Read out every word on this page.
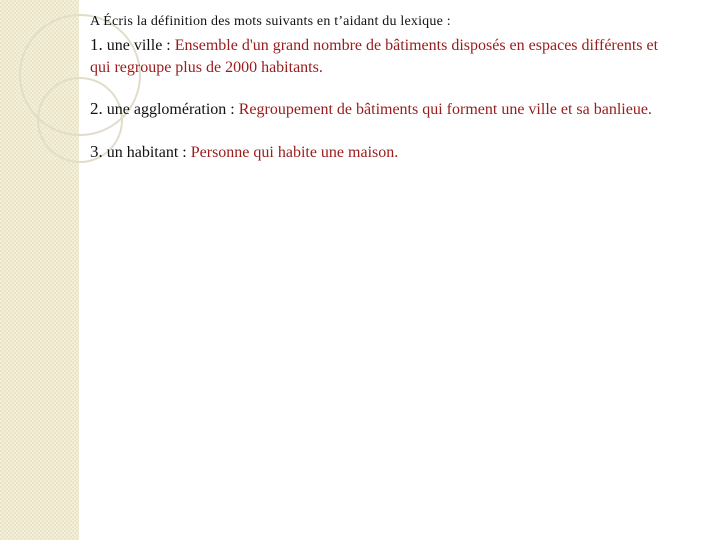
A Écris la définition des mots suivants en t’aidant du lexique :
1. une ville : Ensemble d'un grand nombre de bâtiments disposés en espaces différents et qui regroupe plus de 2000 habitants.
2. une agglomération : Regroupement de bâtiments qui forment une ville et sa banlieue.
3. un habitant : Personne qui habite une maison.
